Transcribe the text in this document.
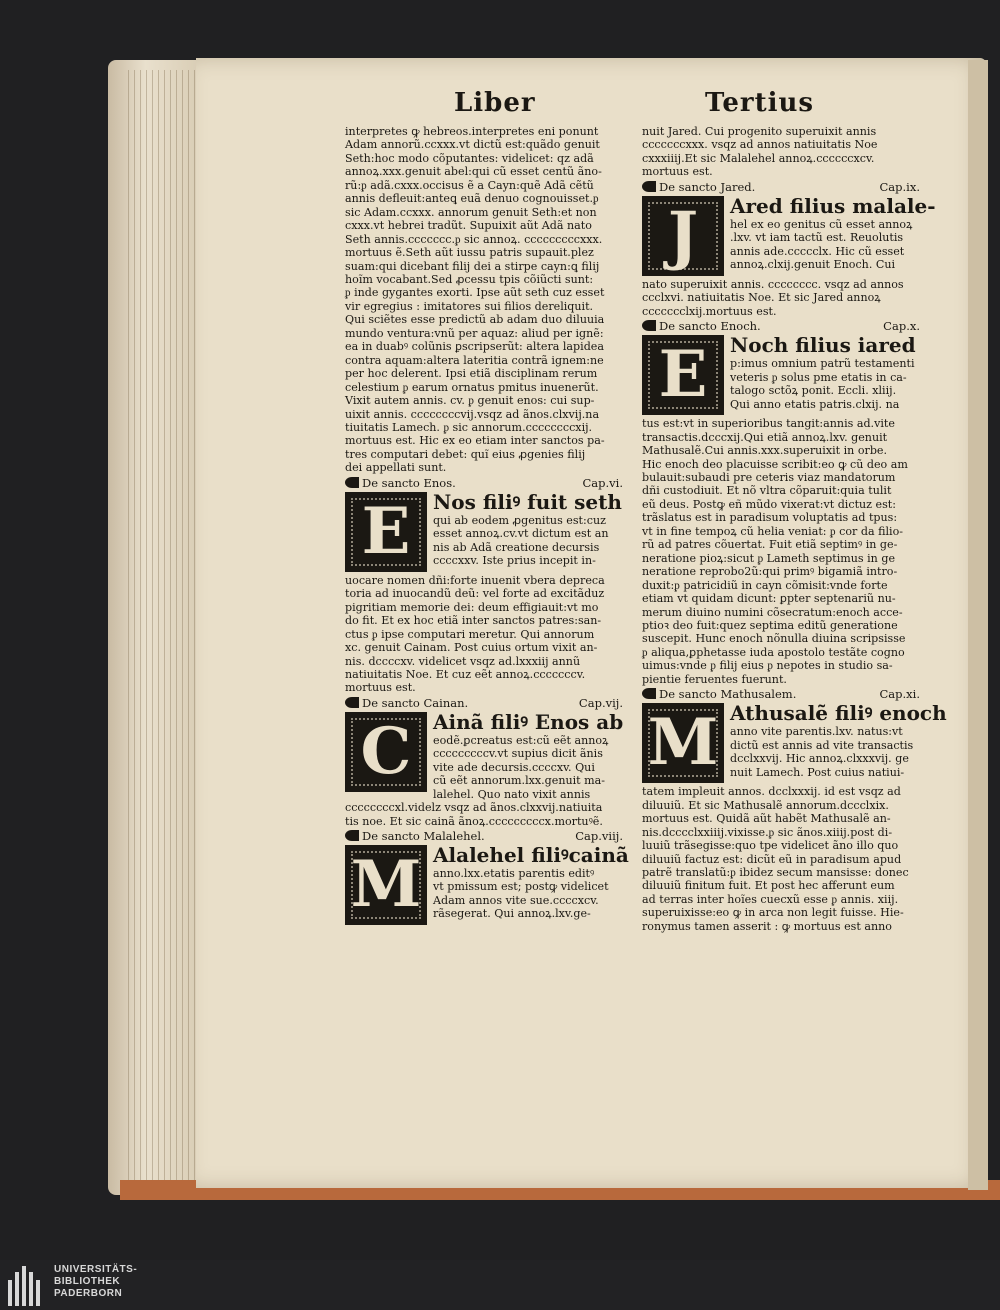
Liber	Tertius
interpretes ꝙ hebreos.interpretes eni ponunt
Adam annorũ.ccxxx.vt dictũ est:quãdo genuit
Seth:hoc modo cõputantes: videlicet: qz adã
annoꝝ.xxx.genuit abel:qui cũ esset centũ ãno-
rũ:ᵱ adã.cxxx.occisus ẽ a Cayn:quẽ Adã cẽtũ
annis defleuit:anteꝗ euã denuo cognouisset.ᵱ
sic Adam.ccxxx. annorum genuit Seth:et non
cxxx.vt hebrei tradũt. Supuixit aũt Adã nato
Seth annis.ccccccc.ᵱ sic annoꝝ. cccccccccxxx.
mortuus ẽ.Seth aũt iussu patris supauit.plez
suam:qui dicebant filij dei a stirpe cayn:ꝗ filij
hoĩm vocabant.Sed ꝓcessu tpis cõiũcti sunt:
ᵱ inde gygantes exorti. Ipse aũt seth cuz esset
vir egregius : imitatores sui filios dereliquit.
Qui sciẽtes esse predictũ ab adam duo diluuia
mundo ventura:vnũ per aquaz: aliud per ignẽ:
ea in duabꝰ colũnis ꝑscripserũt: altera lapidea
contra aquam:altera lateritia contrã ignem:ne
per hoc delerent. Ipsi etiã disciplinam rerum
celestium ᵱ earum ornatus pmitus inuenerũt.
Vixit autem annis. cv. ᵱ genuit enos: cui sup-
uixit annis. ccccccccvij.vsqz ad ãnos.clxvij.na
tiuitatis Lamech. ᵱ sic annorum.ccccccccxij.
mortuus est. Hic ex eo etiam inter sanctos pa-
tres computari debet: quĩ eius ꝓgenies filij
dei appellati sunt.
De sancto Enos.	Cap.vi.
E	Nos filiꝰ fuit seth
qui ab eodem ꝓgenitus est:cuz
esset annoꝝ.cv.vt dictum est an
nis ab Adã creatione decursis
ccccxxv. Iste prius incepit in-
uocare nomen dñi:forte inuenit vbera depreca
toria ad inuocandũ deũ: vel forte ad excitãduz
pigritiam memorie dei: deum effigiauit:vt mo
do fit. Et ex hoc etiã inter sanctos patres:san-
ctus ᵱ ipse computari meretur. Qui annorum
xc. genuit Cainam. Post cuius ortum vixit an-
nis. dccccxv. videlicet vsqz ad.lxxxiij annũ
natiuitatis Noe. Et cuz eẽt annoꝝ.cccccccv.
mortuus est.
De sancto Cainan.	Cap.vij.
C	Ainã filiꝰ Enos ab
eodẽ.ꝑcreatus est:cũ eẽt annoꝝ
cccccccccv.vt supius dicit ãnis
vite ade decursis.ccccxv. Qui
cũ eẽt annorum.lxx.genuit ma-
lalehel. Quo nato vixit annis
ccccccccxl.videlz vsqz ad ãnos.clxxvij.natiuita
tis noe. Et sic cainã ãnoꝝ.cccccccccx.mortuꝰẽ.
De sancto Malalehel.	Cap.viij.
M Alalehel filiꝰcainã
anno.lxx.etatis parentis editꝰ
vt pmissum est; postꝙ videlicet
Adam annos vite sue.ccccxcv.
rãsegerat. Qui annoꝝ.lxv.ge-
nuit Jared. Cui progenito superuixit annis
cccccccxxx. vsqz ad annos natiuitatis Noe
cxxxiiij.Et sic Malalehel annoꝝ.ccccccxcv.
mortuus est.
De sancto Jared.	Cap.ix.
J	Ared filius malale-
hel ex eo genitus cũ esset annoꝝ
.lxv. vt iam tactũ est. Reuolutis
annis ade.ccccclx. Hic cũ esset
annoꝝ.clxij.genuit Enoch. Cui
nato superuixit annis. cccccccc. vsqz ad annos
ccclxvi. natiuitatis Noe. Et sic Jared annoꝝ
ccccccclxij.mortuus est.
De sancto Enoch.	Cap.x.
E	Noch filius iared
p:imus omnium patrũ testamenti
veteris ᵱ solus pme etatis in ca-
talogo sctõꝝ ponit. Eccli. xliij.
Qui anno etatis patris.clxij. na
tus est:vt in superioribus tangit:annis ad.vite
transactis.dcccxij.Qui etiã annoꝝ.lxv. genuit
Mathusalẽ.Cui annis.xxx.superuixit in orbe.
Hic enoch deo placuisse scribit:eo ꝙ cũ deo am
bulauit:subaudi pre ceteris viaz mandatorum
dñi custodiuit. Et nõ vltra cõparuit:quia tulit
eũ deus. Postꝙ eñ mũdo vixerat:vt dictuz est:
trãslatus est in paradisum voluptatis ad tpus:
vt in fine tempoꝝ cũ helia veniat: ᵱ cor da filio-
rũ ad patres cõuertat. Fuit etiã septimꝰ in ge-
neratione pioꝝ:sicut ᵱ Lameth septimus in ge
neratione reprobo2ũ:qui primꝰ bigamiã intro-
duxit:ᵱ patricidiũ in cayn cõmisit:vnde forte
etiam vt quidam dicunt: ꝑpter septenariũ nu-
merum diuino numini cõsecratum:enoch acce-
ptioꝛ deo fuit:quez septima editũ generatione
suscepit. Hunc enoch nõnulla diuina scripsisse
ᵱ aliqua,ꝑphetasse iuda apostolo testãte cogno
uimus:vnde ᵱ filij eius ᵱ nepotes in studio sa-
pientie feruentes fuerunt.
De sancto Mathusalem.	Cap.xi.
M Athusalẽ filiꝰ enoch
anno vite parentis.lxv. natus:vt
dictũ est annis ad vite transactis
dcclxxvij. Hic annoꝝ.clxxxvij. ge
nuit Lamech. Post cuius natiui-
tatem impleuit annos. dcclxxxij. id est vsqz ad
diluuiũ. Et sic Mathusalẽ annorum.dccclxix.
mortuus est. Quidã aũt habẽt Mathusalẽ an-
nis.dcccclxxiiij.vixisse.ᵱ sic ãnos.xiiij.post di-
luuiũ trãsegisse:quo tpe videlicet ãno illo quo
diluuiũ factuz est: dicũt eũ in paradisum apud
patrẽ translatũ:ᵱ ibidez secum mansisse: donec
diluuiũ finitum fuit. Et post hec afferunt eum
ad terras inter hoĩes cuecxũ esse ᵱ annis. xiij.
superuixisse:eo ꝙ in arca non legit fuisse. Hie-
ronymus tamen asserit : ꝙ mortuus est anno
UNIVERSITÄTS-
BIBLIOTHEK
PADERBORN
